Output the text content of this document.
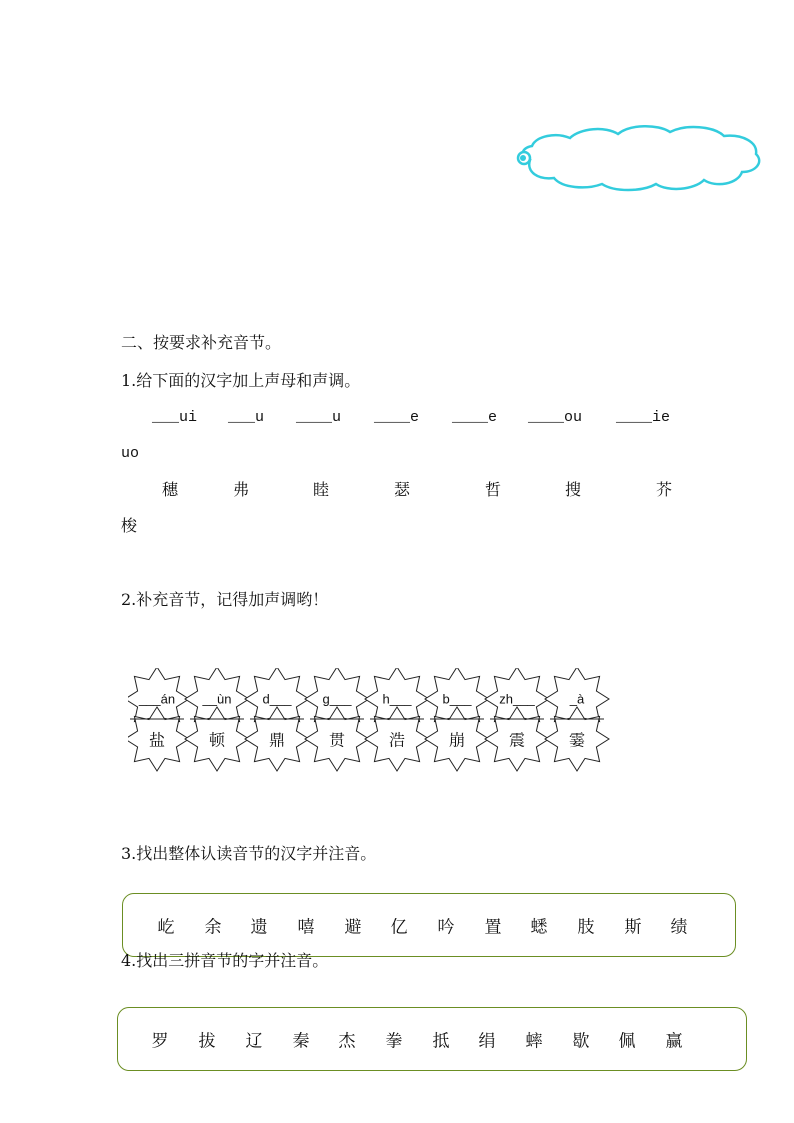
二、按要求补充音节。
1.给下面的汉字加上声母和声调。
___ui ___u ____u ____e ____e ____ou ____ie
uo
穗	弗	睦	瑟	哲	搜	芥
梭
2.补充音节，记得加声调哟！
___án __ùn d___ g___ h___ b___ zh___	_à
盐	顿	鼎	贯	浩	崩	震	霎
3.找出整体认读音节的汉字并注音。
屹 余 遗 嘻 避 亿 吟 置 蟋 肢 斯 绩
4.找出三拼音节的字并注音。
罗 拔 辽 秦 杰 拳 抵 绢 蟀 歇 佩 赢
